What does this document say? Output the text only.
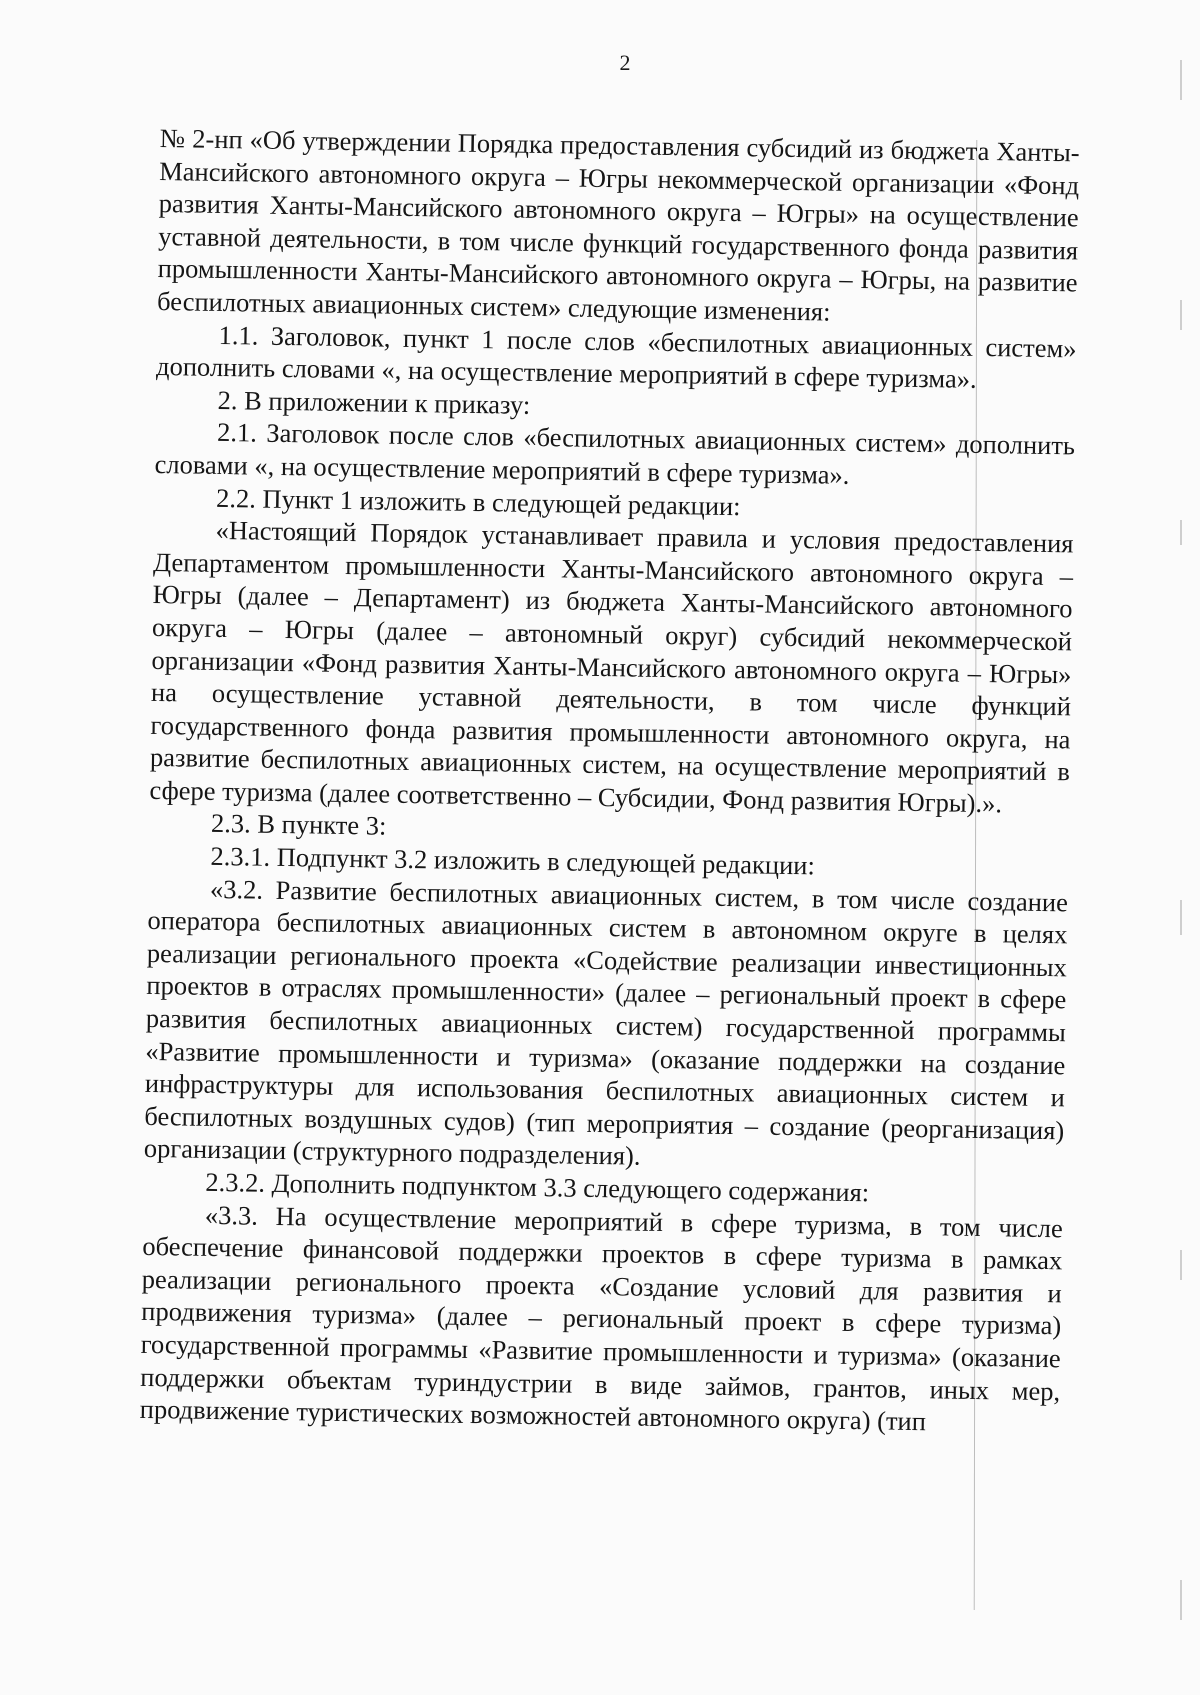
2

№ 2-нп «Об утверждении Порядка предоставления субсидий из бюджета Ханты-Мансийского автономного округа – Югры некоммерческой организации «Фонд развития Ханты-Мансийского автономного округа – Югры» на осуществление уставной деятельности, в том числе функций государственного фонда развития промышленности Ханты-Мансийского автономного округа – Югры, на развитие беспилотных авиационных систем» следующие изменения:

1.1. Заголовок, пункт 1 после слов «беспилотных авиационных систем» дополнить словами «, на осуществление мероприятий в сфере туризма».

2. В приложении к приказу:

2.1. Заголовок после слов «беспилотных авиационных систем» дополнить словами «, на осуществление мероприятий в сфере туризма».

2.2. Пункт 1 изложить в следующей редакции:

«Настоящий Порядок устанавливает правила и условия предоставления Департаментом промышленности Ханты-Мансийского автономного округа – Югры (далее – Департамент) из бюджета Ханты-Мансийского автономного округа – Югры (далее – автономный округ) субсидий некоммерческой организации «Фонд развития Ханты-Мансийского автономного округа – Югры» на осуществление уставной деятельности, в том числе функций государственного фонда развития промышленности автономного округа, на развитие беспилотных авиационных систем, на осуществление мероприятий в сфере туризма (далее соответственно – Субсидии, Фонд развития Югры).».

2.3. В пункте 3:

2.3.1. Подпункт 3.2 изложить в следующей редакции:

«3.2. Развитие беспилотных авиационных систем, в том числе создание оператора беспилотных авиационных систем в автономном округе в целях реализации регионального проекта «Содействие реализации инвестиционных проектов в отраслях промышленности» (далее – региональный проект в сфере развития беспилотных авиационных систем) государственной программы «Развитие промышленности и туризма» (оказание поддержки на создание инфраструктуры для использования беспилотных авиационных систем и беспилотных воздушных судов) (тип мероприятия – создание (реорганизация) организации (структурного подразделения).

2.3.2. Дополнить подпунктом 3.3 следующего содержания:

«3.3. На осуществление мероприятий в сфере туризма, в том числе обеспечение финансовой поддержки проектов в сфере туризма в рамках реализации регионального проекта «Создание условий для развития и продвижения туризма» (далее – региональный проект в сфере туризма) государственной программы «Развитие промышленности и туризма» (оказание поддержки объектам туриндустрии в виде займов, грантов, иных мер, продвижение туристических возможностей автономного округа) (тип
